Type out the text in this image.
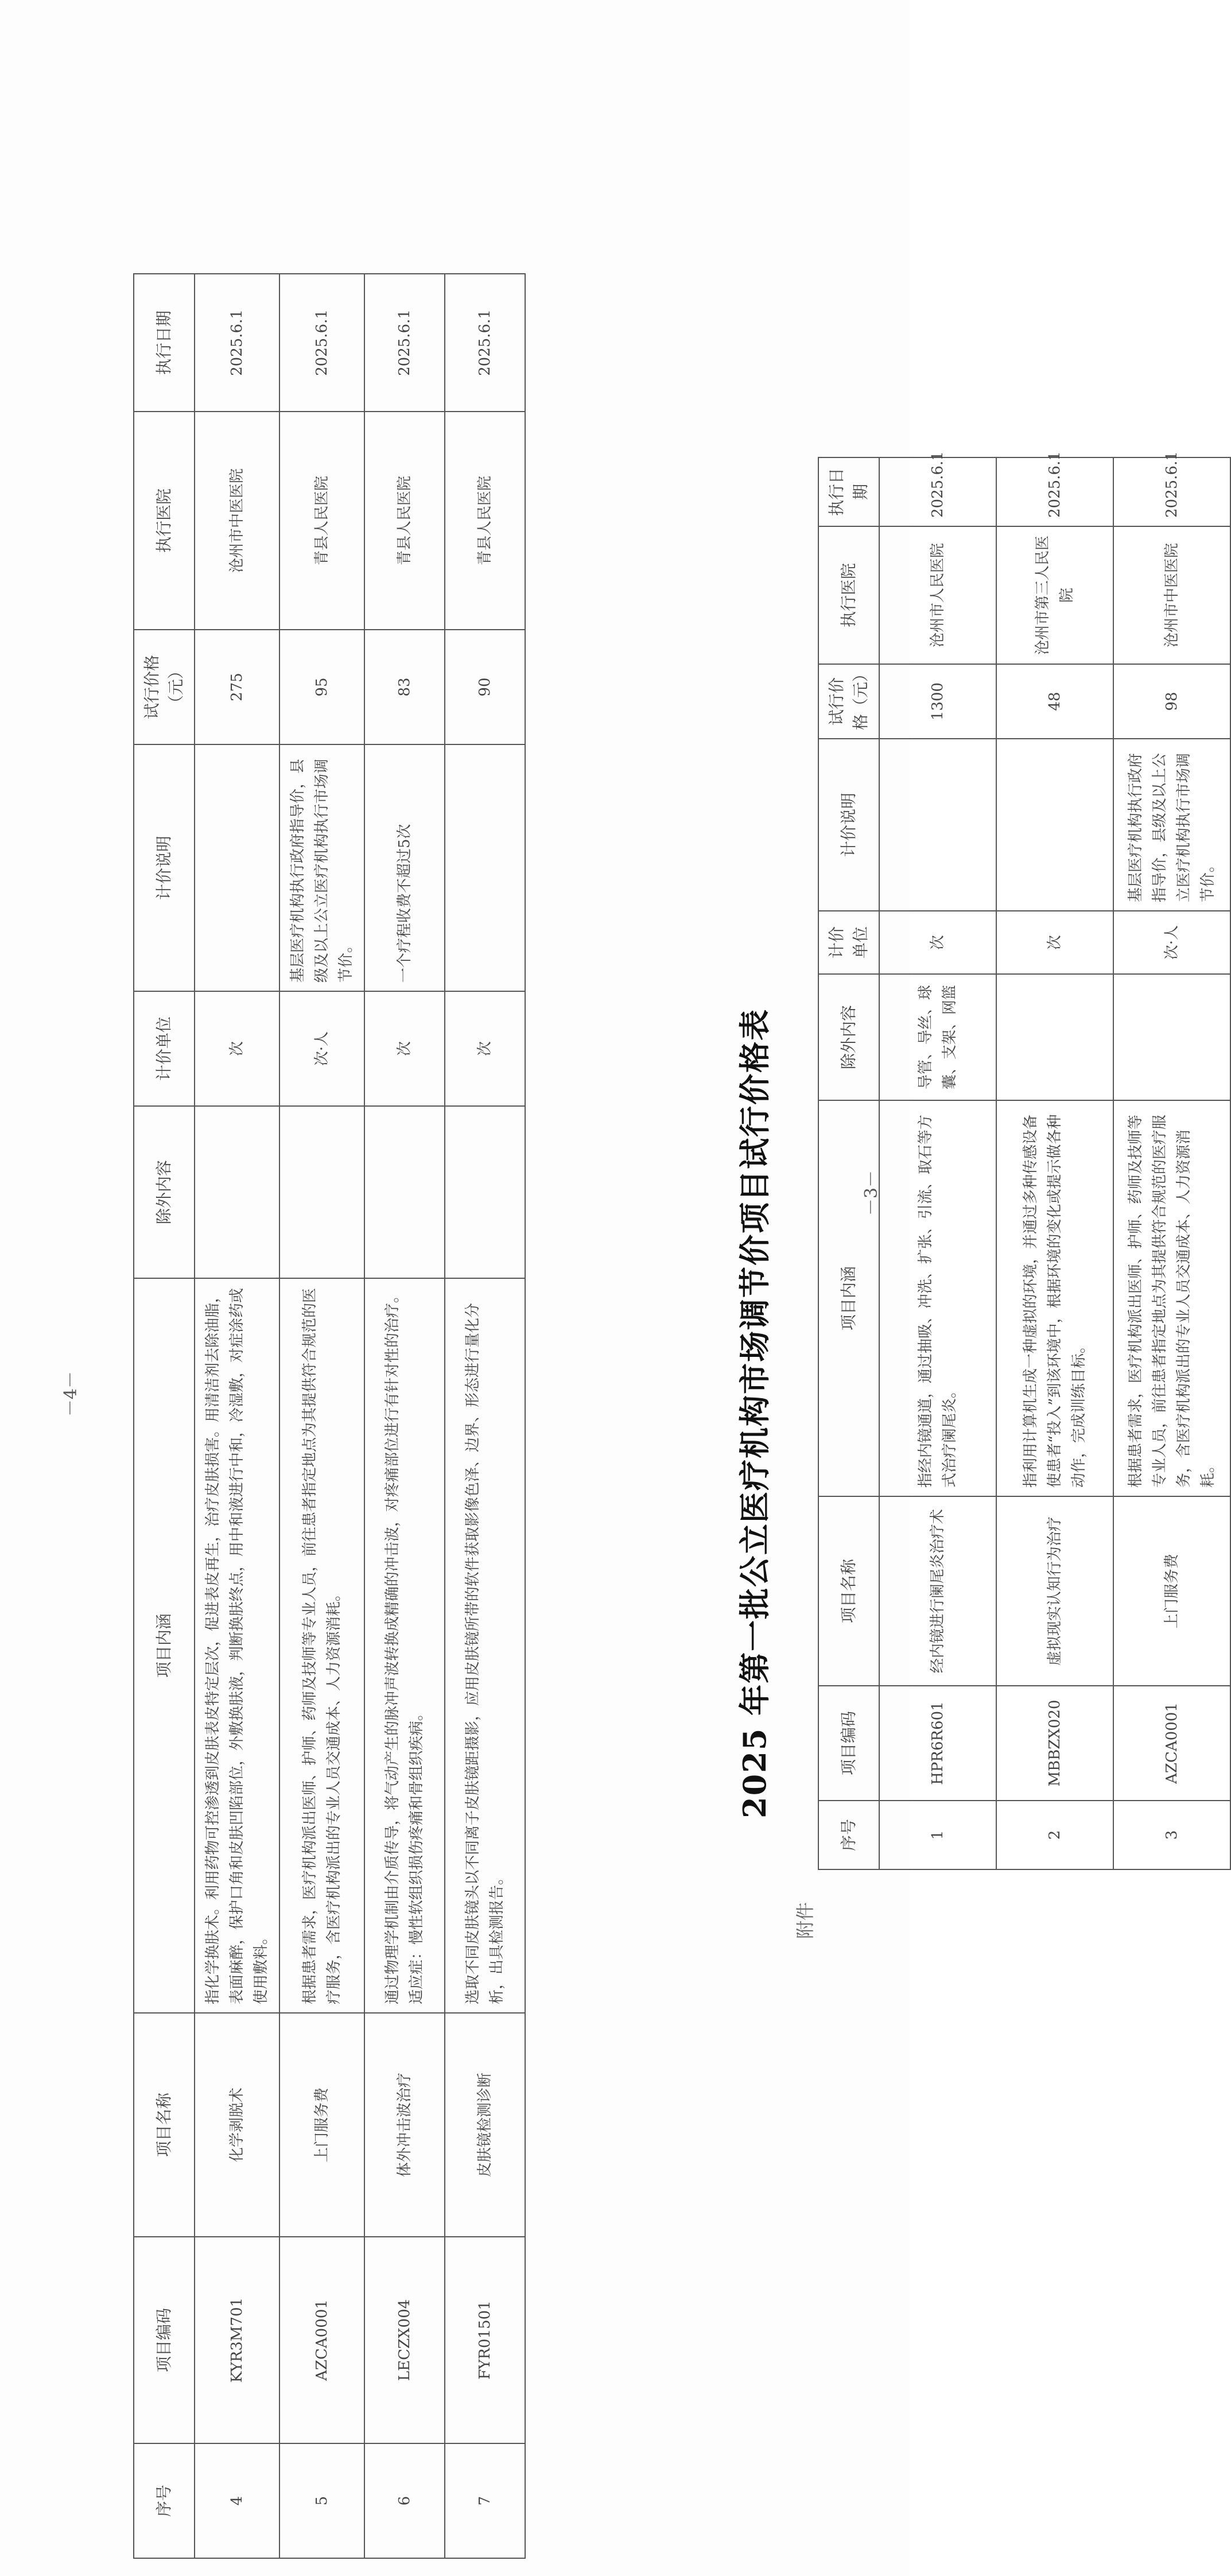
2025 年第一批公立医疗机构市场调节价项目试行价格表
附件
序号	项目编码	项目名称	项目内涵	除外内容	计价单位	计价说明	试行价格（元）	执行医院	执行日期
1	HPR6R601	经内镜进行阑尾炎治疗术	指经内镜通道，通过抽吸、冲洗、扩张、引流、取石等方式治疗阑尾炎。	导管、导丝、球囊、支架、网篮	次		1300	沧州市人民医院	2025.6.1
2	MBBZX020	虚拟现实认知行为治疗	指利用计算机生成一种虚拟的环境，并通过多种传感设备使患者“投入”到该环境中，根据环境的变化或提示做各种动作，完成训练目标。		次		48	沧州市第三人民医院	2025.6.1
3	AZCA0001	上门服务费	根据患者需求，医疗机构派出医师、护师、药师及技师等专业人员，前往患者指定地点为其提供符合规范的医疗服务，含医疗机构派出的专业人员交通成本、人力资源消耗。		次·人	基层医疗机构执行政府指导价，县级及以上公立医疗机构执行市场调节价。	98	沧州市中医医院	2025.6.1
－3－
－4－
序号	项目编码	项目名称	项目内涵	除外内容	计价单位	计价说明	试行价格（元）	执行医院	执行日期
4	KYR3M701	化学剥脱术	指化学换肤术。利用药物可控渗透到皮肤表皮特定层次，促进表皮再生，治疗皮肤损害。用清洁剂去除油脂，表面麻醉，保护口角和皮肤凹陷部位，外敷换肤液，判断换肤终点，用中和液进行中和，冷湿敷，对症涂药或使用敷料。		次		275	沧州市中医医院	2025.6.1
5	AZCA0001	上门服务费	根据患者需求，医疗机构派出医师、护师、药师及技师等专业人员，前往患者指定地点为其提供符合规范的医疗服务，含医疗机构派出的专业人员交通成本、人力资源消耗。		次·人	基层医疗机构执行政府指导价，县级及以上公立医疗机构执行市场调节价。	95	青县人民医院	2025.6.1
6	LECZX004	体外冲击波治疗	通过物理学机制由介质传导，将气动产生的脉冲声波转换成精确的冲击波，对疼痛部位进行有针对性的治疗。适应症：慢性软组织损伤疼痛和骨组织疾病。		次	一个疗程收费不超过5次	83	青县人民医院	2025.6.1
7	FYR01501	皮肤镜检测诊断	选取不同皮肤镜头以不同离子皮肤镜距摄影，应用皮肤镜所带的软件获取影像色泽、边界、形态进行量化分析，出具检测报告。		次		90	青县人民医院	2025.6.1
